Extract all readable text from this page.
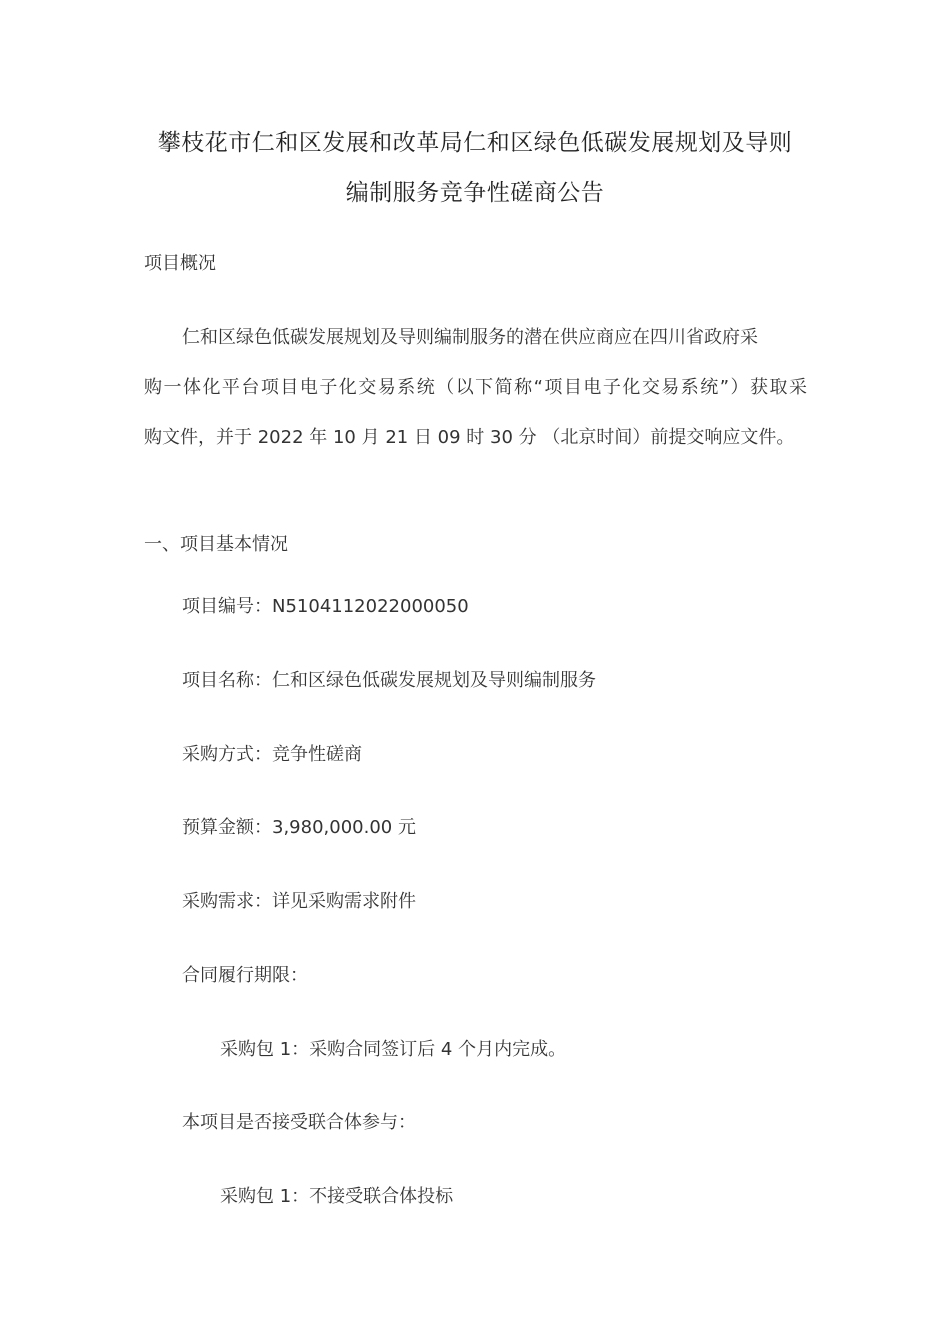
攀枝花市仁和区发展和改革局仁和区绿色低碳发展规划及导则
编制服务竞争性磋商公告
项目概况
仁和区绿色低碳发展规划及导则编制服务的潜在供应商应在四川省政府采
购一体化平台项目电子化交易系统（以下简称“项目电子化交易系统”）获取采
购文件，并于 2022 年 10 月 21 日 09 时 30 分 （北京时间）前提交响应文件。
一、项目基本情况
项目编号：N5104112022000050
项目名称：仁和区绿色低碳发展规划及导则编制服务
采购方式：竞争性磋商
预算金额：3,980,000.00 元
采购需求：详见采购需求附件
合同履行期限：
采购包 1：采购合同签订后 4 个月内完成。
本项目是否接受联合体参与：
采购包 1：不接受联合体投标
